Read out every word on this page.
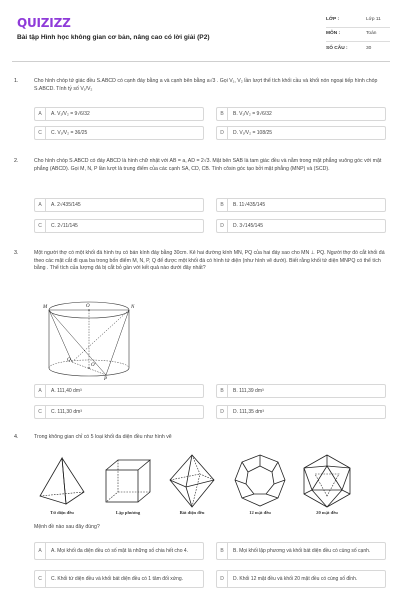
QUIZIZZ
Bài tập Hình học không gian cơ bản, nâng cao có lời giải (P2)
LỚP :	Lớp 11
MÔN :	Toán
SỐ CÂU :	30
1.	Cho hình chóp tứ giác đều S.ABCD có cạnh đáy bằng a và cạnh bên bằng a√3 . Gọi V₁, V₂ lần lượt thể tích khối cầu và khối nón ngoại tiếp hình chóp S.ABCD. Tính tỷ số V₁/V₂
A	A. V₁/V₂ = 9√6/32	B	B. V₁/V₂ = 9√6/32
C	C. V₁/V₂ = 36/25	D	D. V₁/V₂ = 108/25
2.	Cho hình chóp S.ABCD có đáy ABCD là hình chữ nhật với AB = a, AD = 2√3. Mặt bên SAB là tam giác đều và nằm trong mặt phẳng vuông góc với mặt phẳng (ABCD). Gọi M, N, P lần lượt là trung điểm của các cạnh SA, CD, CB. Tính côsin góc tạo bởi mặt phẳng (MNP) và (SCD).
A	A. 2√435/145	B	B. 11√435/145
C	C. 2√11/145	D	D. 3√145/145
3.	Một người thợ có một khối đá hình trụ có bán kính đáy bằng 30cm. Kẻ hai đường kính MN, PQ của hai đáy sao cho MN ⊥ PQ. Người thợ đó cắt khối đá theo các mặt cắt đi qua ba trong bốn điểm M, N, P, Q để được một khối đá có hình tứ diện (như hình vẽ dưới). Biết rằng khối tứ diện MNPQ có thể tích bằng . Thể tích của lượng đá bị cắt bỏ gần với kết quả nào dưới đây nhất?
M	O	N
Q
O'
P
A	A. 111,40 dm³	B	B. 111,39 dm³
C	C. 111,30 dm³	D	D. 111,35 dm³
4.	Trong không gian chỉ có 5 loại khối đa diện đều như hình vẽ
Tứ diện đều	Lập phương	Bát diện đều	12 mặt đều	20 mặt đều
Mệnh đề nào sau đây đúng?
A	A. Mọi khối đa diện đều có số mặt là những số chia hết cho 4.	B	B. Mọi khối lập phương và khối bát diện đều có cùng số cạnh.
C	C. Khối tứ diện đều và khối bát diện đều có 1 tâm đối xứng.	D	D. Khối 12 mặt đều và khối 20 mặt đều có cùng số đỉnh.
